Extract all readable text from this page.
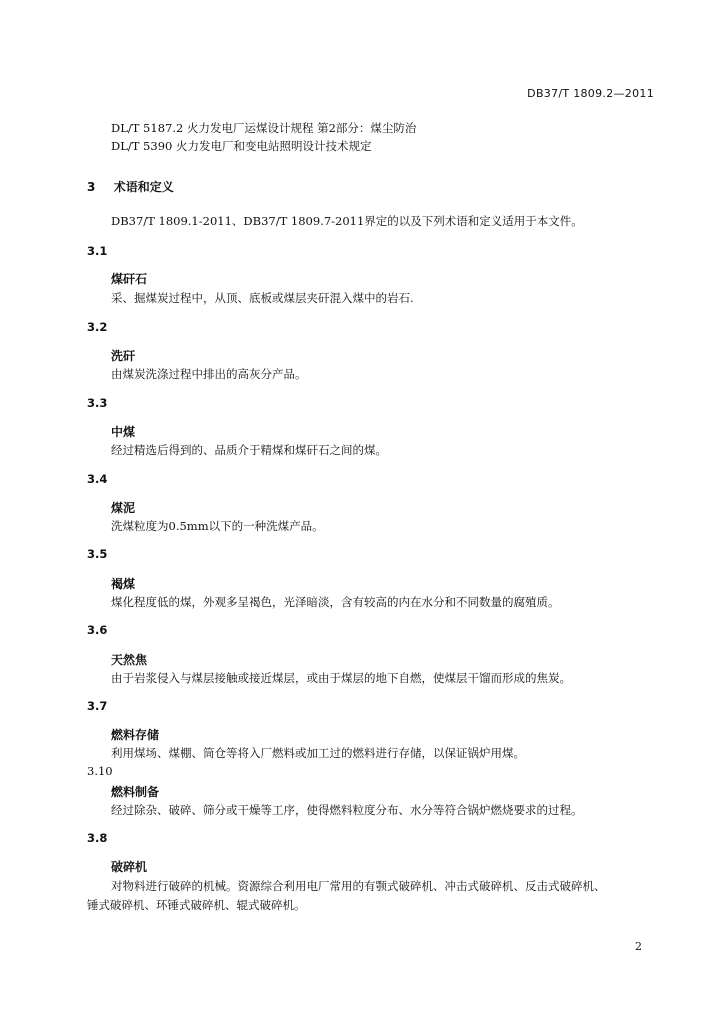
DB37/T 1809.2—2011
DL/T 5187.2 火力发电厂运煤设计规程 第2部分：煤尘防治
DL/T 5390 火力发电厂和变电站照明设计技术规定
3 术语和定义
DB37/T 1809.1-2011、DB37/T 1809.7-2011界定的以及下列术语和定义适用于本文件。
3.1
煤矸石
采、掘煤炭过程中，从顶、底板或煤层夹矸混入煤中的岩石.
3.2
洗矸
由煤炭洗涤过程中排出的高灰分产品。
3.3
中煤
经过精选后得到的、品质介于精煤和煤矸石之间的煤。
3.4
煤泥
洗煤粒度为0.5mm以下的一种洗煤产品。
3.5
褐煤
煤化程度低的煤，外观多呈褐色，光泽暗淡，含有较高的内在水分和不同数量的腐殖质。
3.6
天然焦
由于岩浆侵入与煤层接触或接近煤层，或由于煤层的地下自燃，使煤层干馏而形成的焦炭。
3.7
燃料存储
利用煤场、煤棚、筒仓等将入厂燃料或加工过的燃料进行存储，以保证锅炉用煤。
3.10
燃料制备
经过除杂、破碎、筛分或干燥等工序，使得燃料粒度分布、水分等符合锅炉燃烧要求的过程。
3.8
破碎机
对物料进行破碎的机械。资源综合利用电厂常用的有颚式破碎机、冲击式破碎机、反击式破碎机、
锤式破碎机、环锤式破碎机、辊式破碎机。
2
